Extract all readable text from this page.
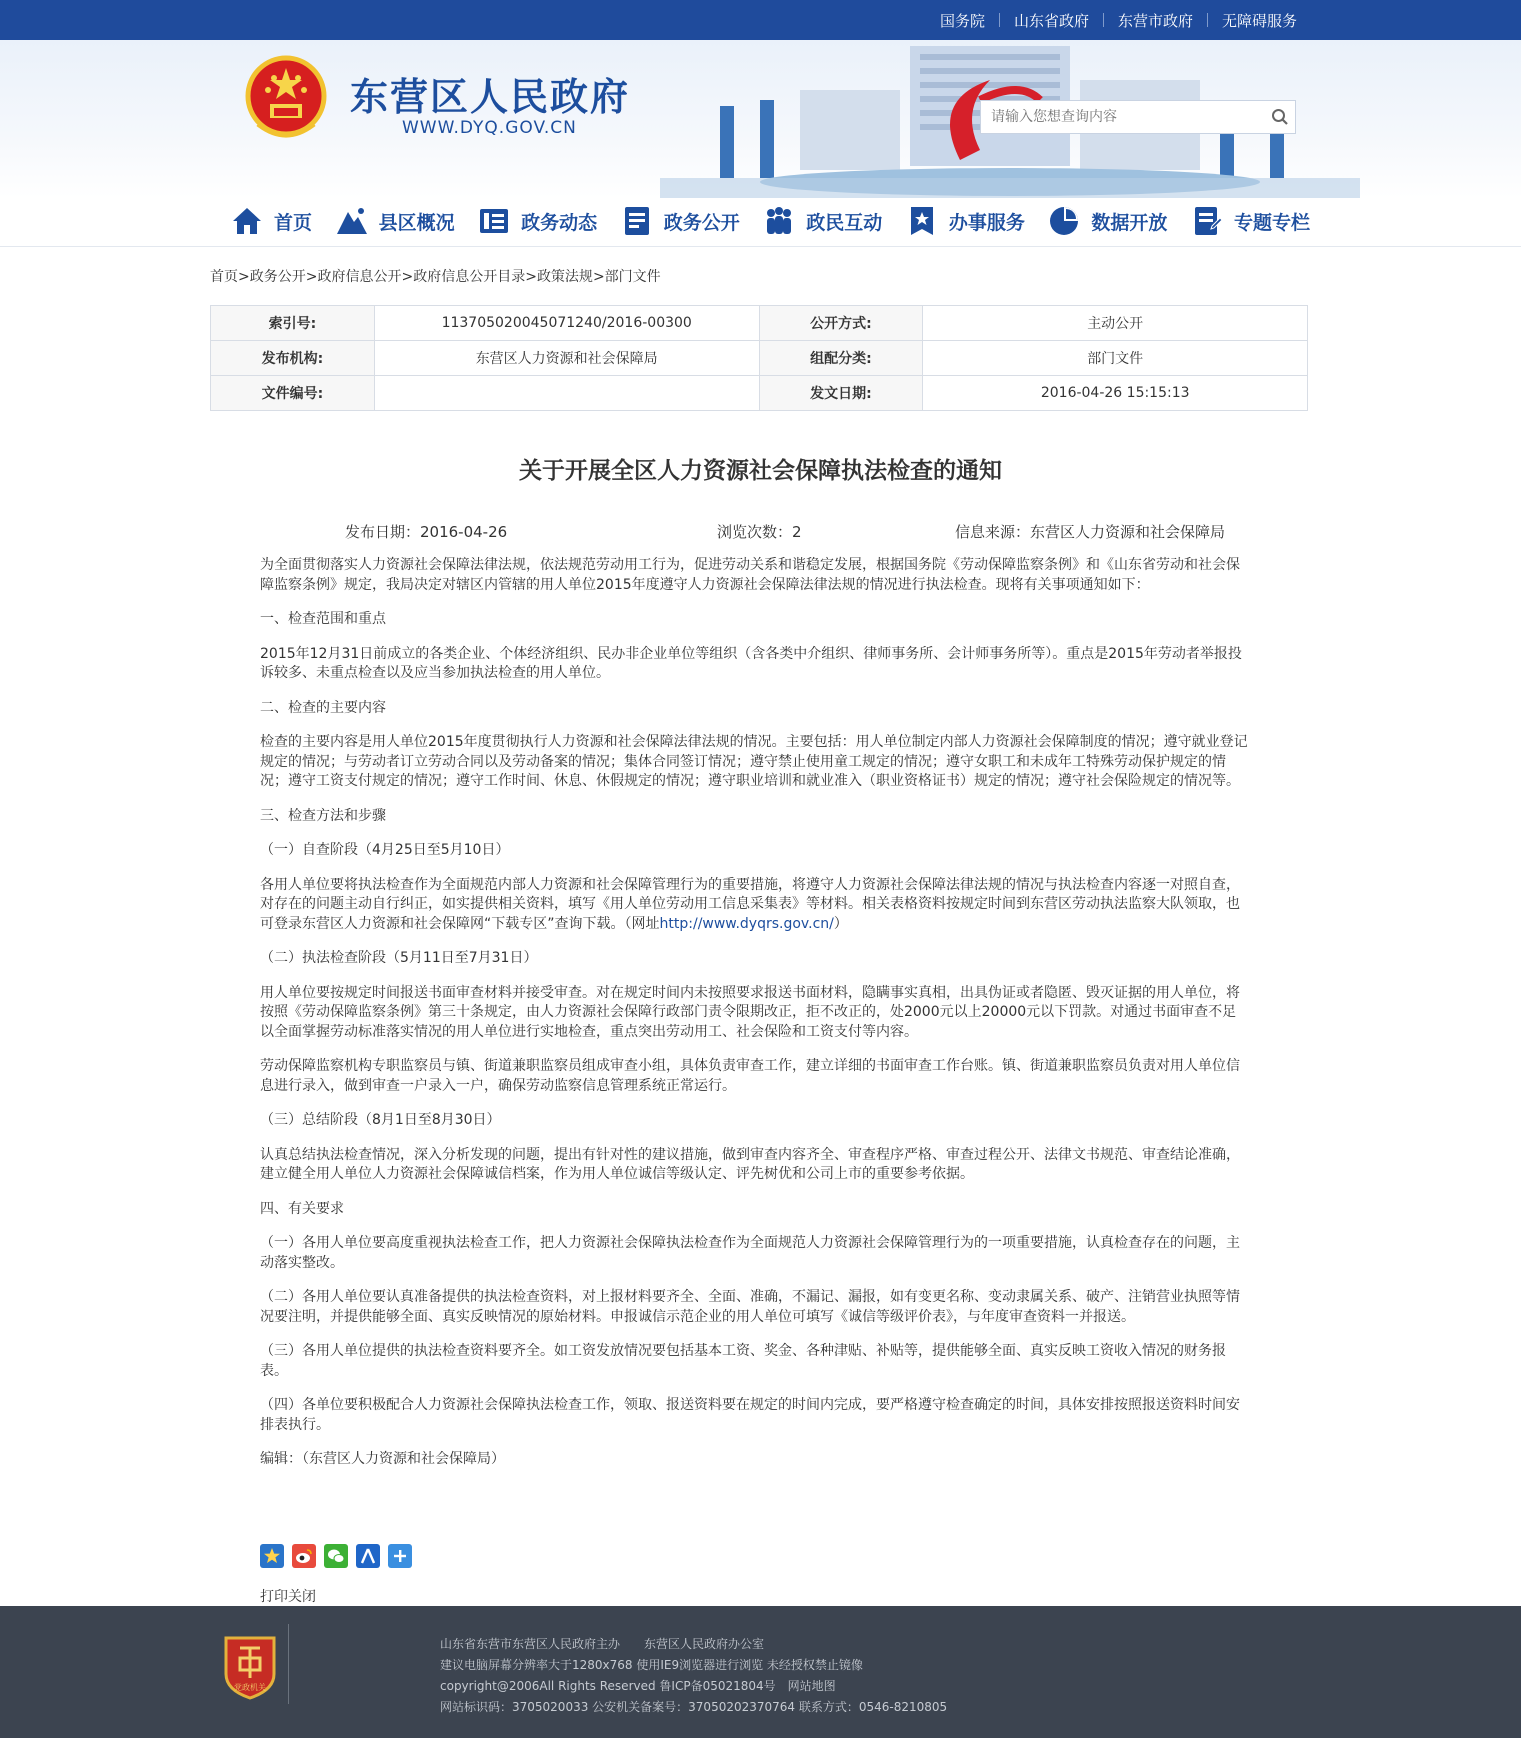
国务院	山东省政府	东营市政府	无障碍服务
东营区人民政府
WWW.DYQ.GOV.CN
请输入您想查询内容
首页	县区概况	政务动态	政务公开	政民互动	办事服务	数据开放	专题专栏
首页>政务公开>政府信息公开>政府信息公开目录>政策法规>部门文件
索引号:	113705020045071240/2016-00300	公开方式:	主动公开
发布机构:	东营区人力资源和社会保障局	组配分类:	部门文件
文件编号:		发文日期:	2016-04-26 15:15:13
关于开展全区人力资源社会保障执法检查的通知
发布日期：2016-04-26	浏览次数：2	信息来源：东营区人力资源和社会保障局

为全面贯彻落实人力资源社会保障法律法规，依法规范劳动用工行为，促进劳动关系和谐稳定发展，根据国务院《劳动保障监察条例》和《山东省劳动和社会保障监察条例》规定，我局决定对辖区内管辖的用人单位2015年度遵守人力资源社会保障法律法规的情况进行执法检查。现将有关事项通知如下：

一、检查范围和重点

2015年12月31日前成立的各类企业、个体经济组织、民办非企业单位等组织（含各类中介组织、律师事务所、会计师事务所等）。重点是2015年劳动者举报投诉较多、未重点检查以及应当参加执法检查的用人单位。

二、检查的主要内容

检查的主要内容是用人单位2015年度贯彻执行人力资源和社会保障法律法规的情况。主要包括：用人单位制定内部人力资源社会保障制度的情况；遵守就业登记规定的情况；与劳动者订立劳动合同以及劳动备案的情况；集体合同签订情况；遵守禁止使用童工规定的情况；遵守女职工和未成年工特殊劳动保护规定的情况；遵守工资支付规定的情况；遵守工作时间、休息、休假规定的情况；遵守职业培训和就业准入（职业资格证书）规定的情况；遵守社会保险规定的情况等。

三、检查方法和步骤

（一）自查阶段（4月25日至5月10日）

各用人单位要将执法检查作为全面规范内部人力资源和社会保障管理行为的重要措施，将遵守人力资源社会保障法律法规的情况与执法检查内容逐一对照自查，对存在的问题主动自行纠正，如实提供相关资料，填写《用人单位劳动用工信息采集表》等材料。相关表格资料按规定时间到东营区劳动执法监察大队领取，也可登录东营区人力资源和社会保障网“下载专区”查询下载。（网址http://www.dyqrs.gov.cn/）

（二）执法检查阶段（5月11日至7月31日）

用人单位要按规定时间报送书面审查材料并接受审查。对在规定时间内未按照要求报送书面材料，隐瞒事实真相，出具伪证或者隐匿、毁灭证据的用人单位，将按照《劳动保障监察条例》第三十条规定，由人力资源社会保障行政部门责令限期改正，拒不改正的，处2000元以上20000元以下罚款。对通过书面审查不足以全面掌握劳动标准落实情况的用人单位进行实地检查，重点突出劳动用工、社会保险和工资支付等内容。

劳动保障监察机构专职监察员与镇、街道兼职监察员组成审查小组，具体负责审查工作，建立详细的书面审查工作台账。镇、街道兼职监察员负责对用人单位信息进行录入，做到审查一户录入一户，确保劳动监察信息管理系统正常运行。

（三）总结阶段（8月1日至8月30日）

认真总结执法检查情况，深入分析发现的问题，提出有针对性的建议措施，做到审查内容齐全、审查程序严格、审查过程公开、法律文书规范、审查结论准确，建立健全用人单位人力资源社会保障诚信档案，作为用人单位诚信等级认定、评先树优和公司上市的重要参考依据。

四、有关要求

（一）各用人单位要高度重视执法检查工作，把人力资源社会保障执法检查作为全面规范人力资源社会保障管理行为的一项重要措施，认真检查存在的问题，主动落实整改。

（二）各用人单位要认真准备提供的执法检查资料，对上报材料要齐全、全面、准确，不漏记、漏报，如有变更名称、变动隶属关系、破产、注销营业执照等情况要注明，并提供能够全面、真实反映情况的原始材料。申报诚信示范企业的用人单位可填写《诚信等级评价表》，与年度审查资料一并报送。

（三）各用人单位提供的执法检查资料要齐全。如工资发放情况要包括基本工资、奖金、各种津贴、补贴等，提供能够全面、真实反映工资收入情况的财务报表。

（四）各单位要积极配合人力资源社会保障执法检查工作，领取、报送资料要在规定的时间内完成，要严格遵守检查确定的时间，具体安排按照报送资料时间安排表执行。

编辑：（东营区人力资源和社会保障局）

打印关闭
党政机关
山东省东营市东营区人民政府主办　　东营区人民政府办公室
建议电脑屏幕分辨率大于1280x768 使用IE9浏览器进行浏览 未经授权禁止镜像
copyright@2006All Rights Reserved 鲁ICP备05021804号　网站地图
网站标识码：3705020033 公安机关备案号：37050202370764 联系方式：0546-8210805
